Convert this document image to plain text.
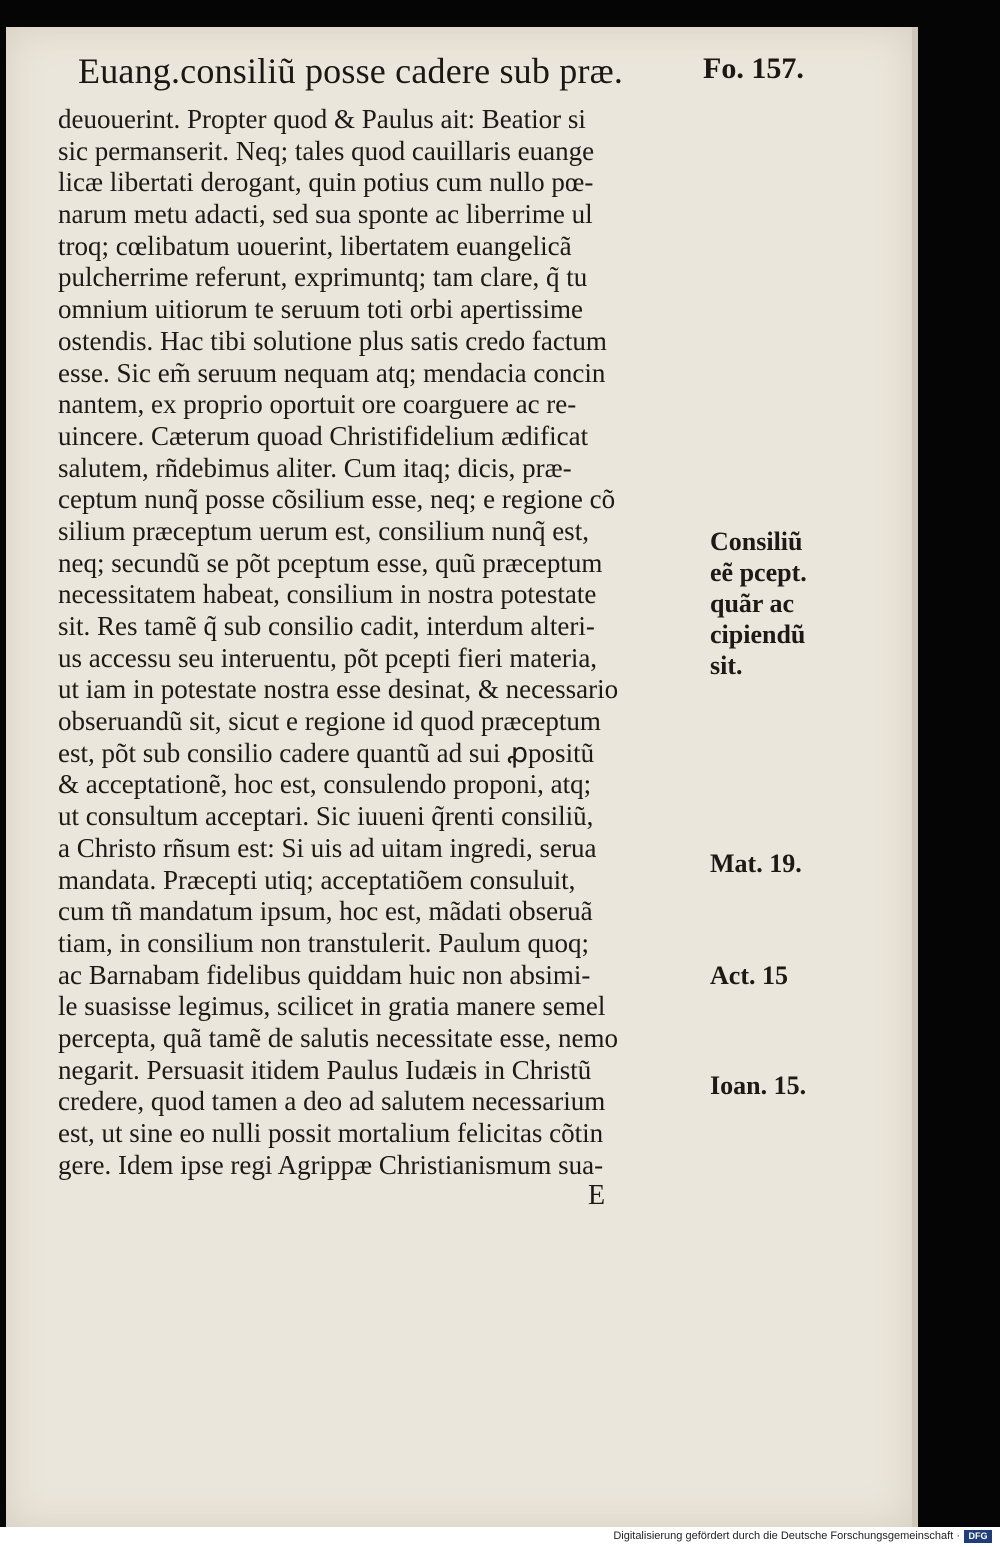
Euang.consiliũ posse cadere sub præ.	Fo. 157.
deuouerint. Propter quod & Paulus ait: Beatior si
sic permanserit. Neq; tales quod cauillaris euange
licæ libertati derogant, quin potius cum nullo pœ-
narum metu adacti, sed sua sponte ac liberrime ul
troq; cœlibatum uouerint, libertatem euangelicã
pulcherrime referunt, exprimuntq; tam clare, q̃ tu
omnium uitiorum te seruum toti orbi apertissime
ostendis. Hac tibi solutione plus satis credo factum
esse. Sic em̃ seruum nequam atq; mendacia concin
nantem, ex proprio oportuit ore coarguere ac re-
uincere. Cæterum quoad Christifidelium ædificat
salutem, rñdebimus aliter. Cum itaq; dicis, præ-
ceptum nunq̃ posse cõsilium esse, neq; e regione cõ
silium præceptum uerum est, consilium nunq̃ est,
neq; secundũ se põt pceptum esse, quũ præceptum
necessitatem habeat, consilium in nostra potestate
sit. Res tamẽ q̃ sub consilio cadit, interdum alteri-
us accessu seu interuentu, põt pcepti fieri materia,
ut iam in potestate nostra esse desinat, & necessario
obseruandũ sit, sicut e regione id quod præceptum
est, põt sub consilio cadere quantũ ad sui ꝓpositũ
& acceptationẽ, hoc est, consulendo proponi, atq;
ut consultum acceptari. Sic iuueni q̃renti consiliũ,
a Christo rñsum est: Si uis ad uitam ingredi, serua
mandata. Præcepti utiq; acceptatiõem consuluit,
cum tñ mandatum ipsum, hoc est, mãdati obseruã
tiam, in consilium non transtulerit. Paulum quoq;
ac Barnabam fidelibus quiddam huic non absimi-
le suasisse legimus, scilicet in gratia manere semel
percepta, quã tamẽ de salutis necessitate esse, nemo
negarit. Persuasit itidem Paulus Iudæis in Christũ
credere, quod tamen a deo ad salutem necessarium
est, ut sine eo nulli possit mortalium felicitas cõtin
gere. Idem ipse regi Agrippæ Christianismum sua-
E
Consiliũ
eẽ pcept.
quãr ac
cipiendũ
sit.
Mat. 19.
Act. 15
Ioan. 15.
Digitalisierung gefördert durch die Deutsche Forschungsgemeinschaft · DFG
